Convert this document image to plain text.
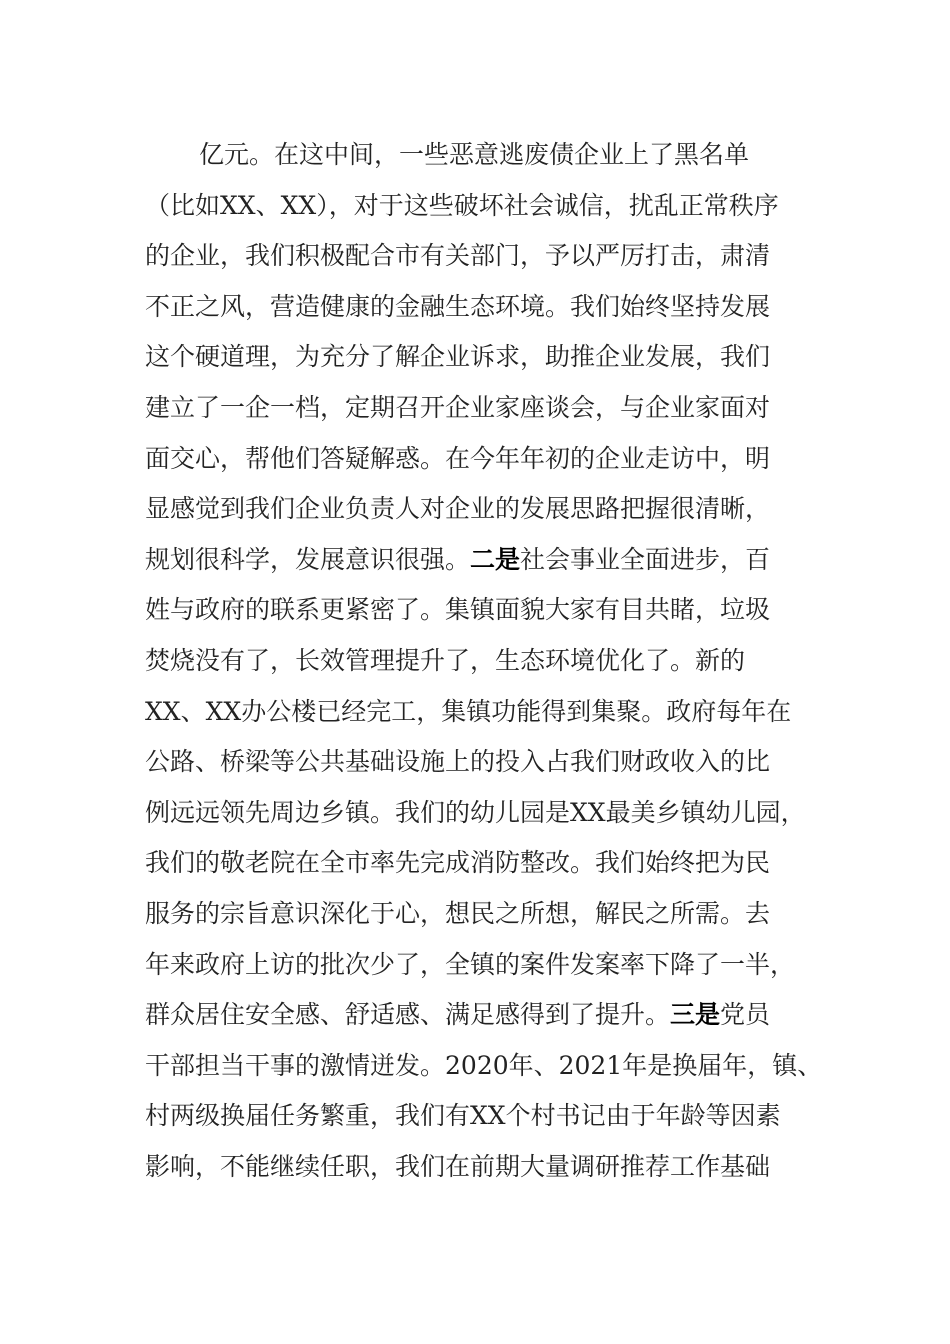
亿元。在这中间，一些恶意逃废债企业上了黑名单
（比如XX、XX），对于这些破坏社会诚信，扰乱正常秩序
的企业，我们积极配合市有关部门，予以严厉打击，肃清
不正之风，营造健康的金融生态环境。我们始终坚持发展
这个硬道理，为充分了解企业诉求，助推企业发展，我们
建立了一企一档，定期召开企业家座谈会，与企业家面对
面交心，帮他们答疑解惑。在今年年初的企业走访中，明
显感觉到我们企业负责人对企业的发展思路把握很清晰，
规划很科学，发展意识很强。二是社会事业全面进步，百
姓与政府的联系更紧密了。集镇面貌大家有目共睹，垃圾
焚烧没有了，长效管理提升了，生态环境优化了。新的
XX、XX办公楼已经完工，集镇功能得到集聚。政府每年在
公路、桥梁等公共基础设施上的投入占我们财政收入的比
例远远领先周边乡镇。我们的幼儿园是XX最美乡镇幼儿园，
我们的敬老院在全市率先完成消防整改。我们始终把为民
服务的宗旨意识深化于心，想民之所想，解民之所需。去
年来政府上访的批次少了，全镇的案件发案率下降了一半，
群众居住安全感、舒适感、满足感得到了提升。三是党员
干部担当干事的激情迸发。2020年、2021年是换届年，镇、
村两级换届任务繁重，我们有XX个村书记由于年龄等因素
影响，不能继续任职，我们在前期大量调研推荐工作基础
